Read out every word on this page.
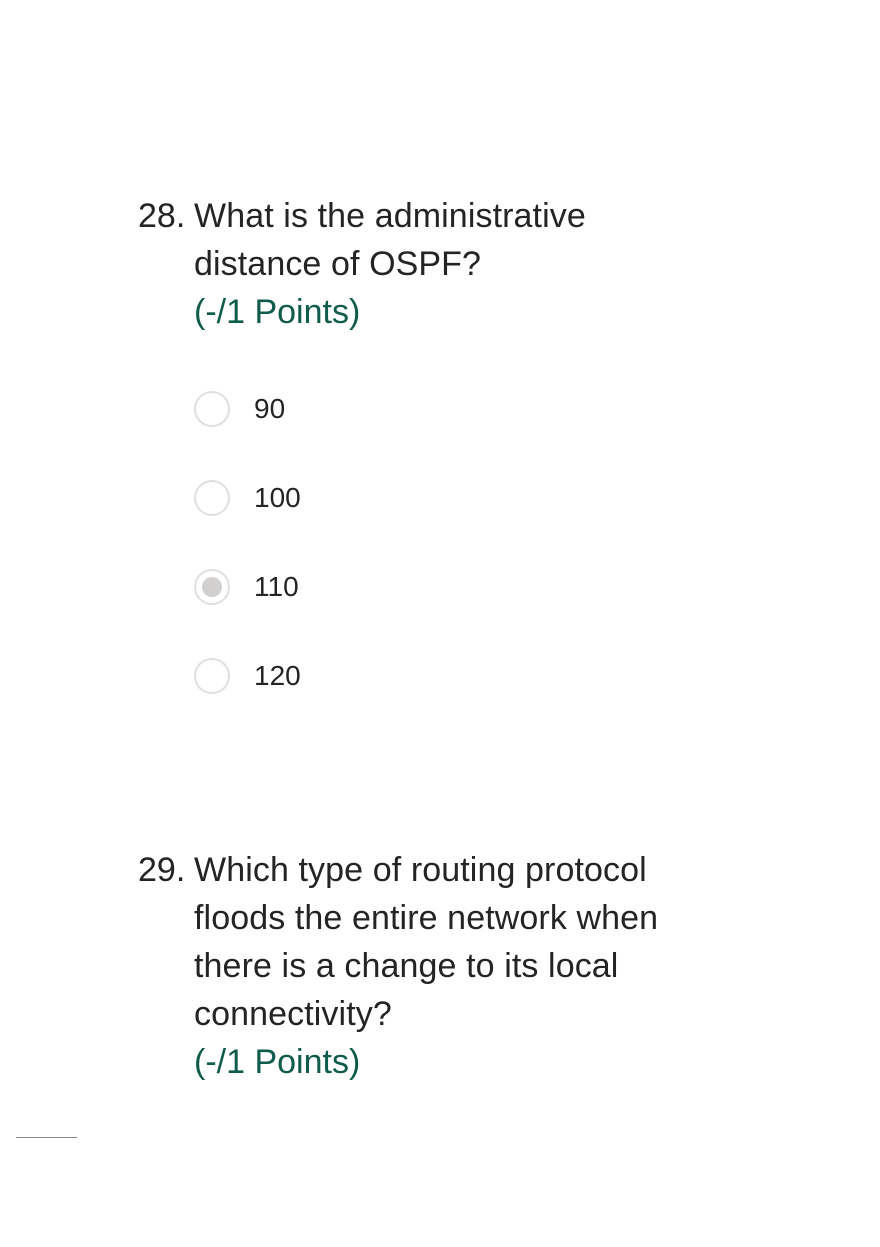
28. What is the administrative distance of OSPF?
(-/1 Points)
90
100
110
120
29. Which type of routing protocol floods the entire network when there is a change to its local connectivity?
(-/1 Points)
